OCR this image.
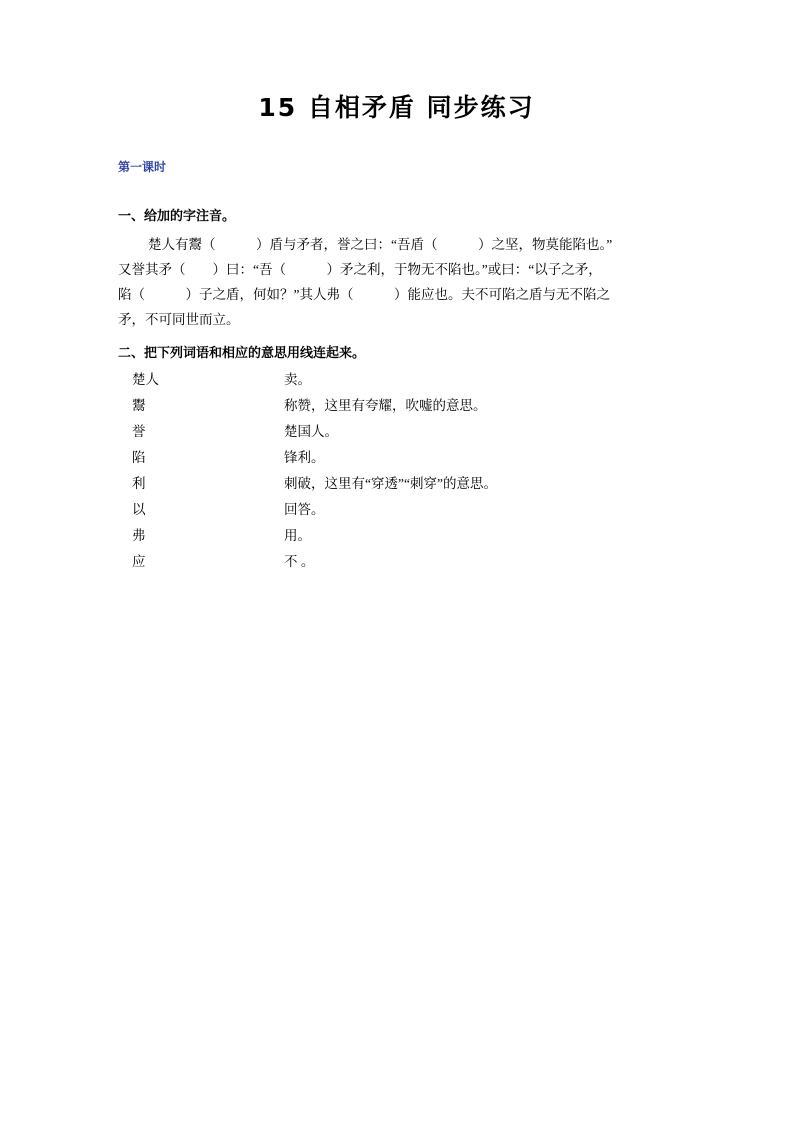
15 自相矛盾 同步练习
第一课时
一、给加的字注音。
楚人有鬻（　　　）盾与矛者，誉之曰：“吾盾（　　　）之坚，物莫能陷也。”
又誉其矛（　　）曰：“吾（　　　）矛之利，于物无不陷也。”或曰：“以子之矛，
陷（　　　）子之盾，何如？”其人弗（　　　）能应也。夫不可陷之盾与无不陷之
矛，不可同世而立。
二、把下列词语和相应的意思用线连起来。
楚人	卖。
鬻	称赞，这里有夸耀，吹嘘的意思。
誉	楚国人。
陷	锋利。
利	刺破，这里有“穿透”“刺穿”的意思。
以	回答。
弗	用。
应	不 。
